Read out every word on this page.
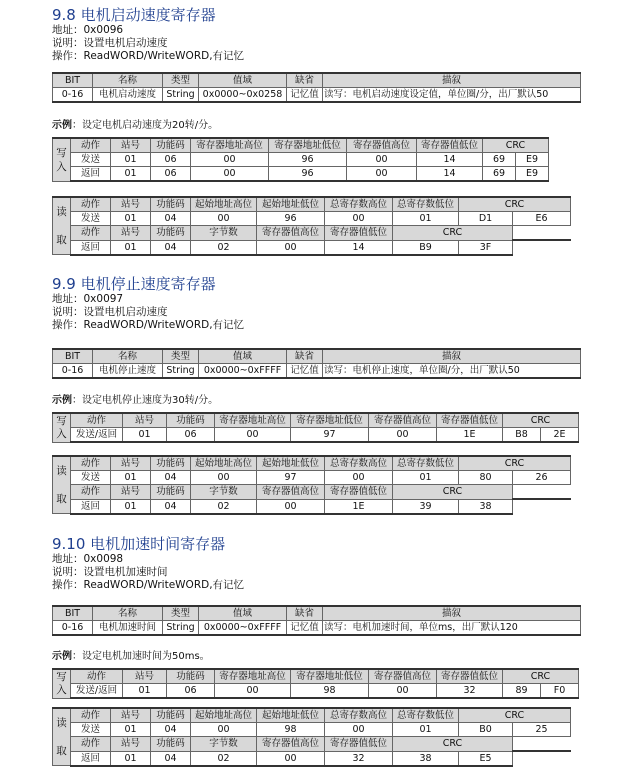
9.8 电机启动速度寄存器

地址：0x0096

说明：设置电机启动速度

操作：ReadWORD/WriteWORD,有记忆

BIT	名称	类型	值域	缺省	描叙
0-16	电机启动速度	String	0x0000~0x0258	记忆值	读写：电机启动速度设定值，单位圈/分，出厂默认50

示例：设定电机启动速度为20转/分。

写
入	动作	站号	功能码	寄存器地址高位	寄存器地址低位	寄存器值高位	寄存器值低位	CRC	
	发送	01	06	00	96	00	14	69	E9
	返回	01	06	00	96	00	14	69	E9
读

取	动作	站号	功能码	起始地址高位	起始地址低位	总寄存数高位	总寄存数低位	CRC	
	发送	01	04	00	96	00	01	D1	E6
	动作	站号	功能码	字节数	寄存器值高位	寄存器值低位	CRC		
	返回	01	04	02	00	14	B9	3F	
9.9 电机停止速度寄存器

地址：0x0097

说明：设置电机启动速度

操作：ReadWORD/WriteWORD,有记忆

BIT	名称	类型	值域	缺省	描叙
0-16	电机停止速度	String	0x0000~0xFFFF	记忆值	读写：电机停止速度，单位圈/分，出厂默认50

示例：设定电机停止速度为30转/分。

写
入	动作	站号	功能码	寄存器地址高位	寄存器地址低位	寄存器值高位	寄存器值低位	CRC	
	发送/返回	01	06	00	97	00	1E	B8	2E
读

取	动作	站号	功能码	起始地址高位	起始地址低位	总寄存数高位	总寄存数低位	CRC	
	发送	01	04	00	97	00	01	80	26
	动作	站号	功能码	字节数	寄存器值高位	寄存器值低位	CRC		
	返回	01	04	02	00	1E	39	38	
9.10 电机加速时间寄存器

地址：0x0098

说明：设置电机加速时间

操作：ReadWORD/WriteWORD,有记忆

BIT	名称	类型	值域	缺省	描叙
0-16	电机加速时间	String	0x0000~0xFFFF	记忆值	读写：电机加速时间，单位ms，出厂默认120

示例：设定电机加速时间为50ms。

写
入	动作	站号	功能码	寄存器地址高位	寄存器地址低位	寄存器值高位	寄存器值低位	CRC	
	发送/返回	01	06	00	98	00	32	89	F0
读

取	动作	站号	功能码	起始地址高位	起始地址低位	总寄存数高位	总寄存数低位	CRC	
	发送	01	04	00	98	00	01	B0	25
	动作	站号	功能码	字节数	寄存器值高位	寄存器值低位	CRC		
	返回	01	04	02	00	32	38	E5	
